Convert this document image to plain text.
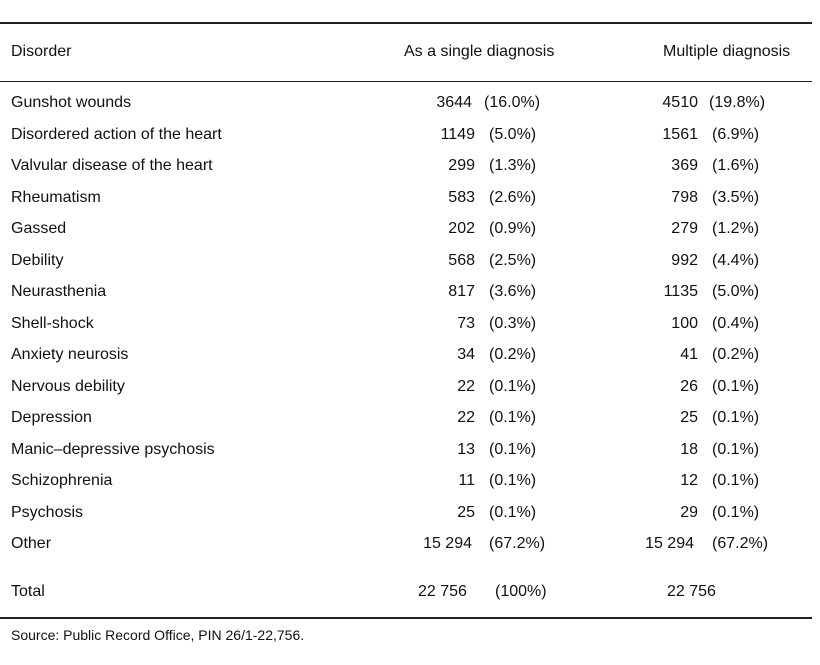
Disorder	As a single diagnosis	Multiple diagnosis
Gunshot wounds	3644 (16.0%)	4510 (19.8%)
Disordered action of the heart	1149 (5.0%)	1561 (6.9%)
Valvular disease of the heart	299 (1.3%)	369 (1.6%)
Rheumatism	583 (2.6%)	798 (3.5%)
Gassed	202 (0.9%)	279 (1.2%)
Debility	568 (2.5%)	992 (4.4%)
Neurasthenia	817 (3.6%)	1135 (5.0%)
Shell-shock	73 (0.3%)	100 (0.4%)
Anxiety neurosis	34 (0.2%)	41 (0.2%)
Nervous debility	22 (0.1%)	26 (0.1%)
Depression	22 (0.1%)	25 (0.1%)
Manic–depressive psychosis	13 (0.1%)	18 (0.1%)
Schizophrenia	11 (0.1%)	12 (0.1%)
Psychosis	25 (0.1%)	29 (0.1%)
Other	15 294 (67.2%)	15 294 (67.2%)
Total	22 756 (100%)	22 756
Source: Public Record Office, PIN 26/1-22,756.
